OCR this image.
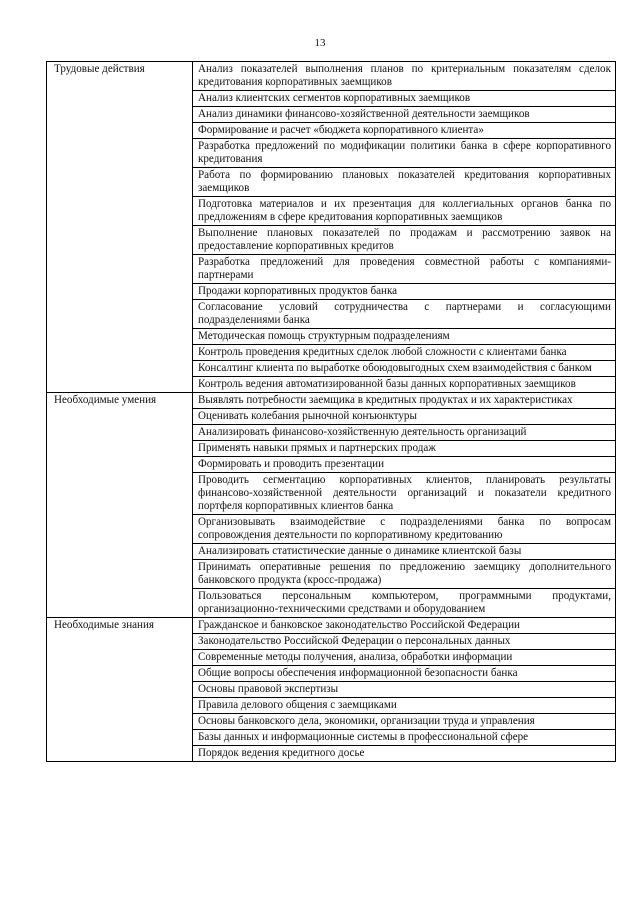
13
Трудовые действия	Анализ показателей выполнения планов по критериальным показателям сделок кредитования корпоративных заемщиков
	Анализ клиентских сегментов корпоративных заемщиков
	Анализ динамики финансово-хозяйственной деятельности заемщиков
	Формирование и расчет «бюджета корпоративного клиента»
	Разработка предложений по модификации политики банка в сфере корпоративного кредитования
	Работа по формированию плановых показателей кредитования корпоративных заемщиков
	Подготовка материалов и их презентация для коллегиальных органов банка по предложениям в сфере кредитования корпоративных заемщиков
	Выполнение плановых показателей по продажам и рассмотрению заявок на предоставление корпоративных кредитов
	Разработка предложений для проведения совместной работы с компаниями-партнерами
	Продажи корпоративных продуктов банка
	Согласование условий сотрудничества с партнерами и согласующими подразделениями банка
	Методическая помощь структурным подразделениям
	Контроль проведения кредитных сделок любой сложности с клиентами банка
	Консалтинг клиента по выработке обоюдовыгодных схем взаимодействия с банком
	Контроль ведения автоматизированной базы данных корпоративных заемщиков
Необходимые умения	Выявлять потребности заемщика в кредитных продуктах и их характеристиках
	Оценивать колебания рыночной конъюнктуры
	Анализировать финансово-хозяйственную деятельность организаций
	Применять навыки прямых и партнерских продаж
	Формировать и проводить презентации
	Проводить сегментацию корпоративных клиентов, планировать результаты финансово-хозяйственной деятельности организаций и показатели кредитного портфеля корпоративных клиентов банка
	Организовывать взаимодействие с подразделениями банка по вопросам сопровождения деятельности по корпоративному кредитованию
	Анализировать статистические данные о динамике клиентской базы
	Принимать оперативные решения по предложению заемщику дополнительного банковского продукта (кросс-продажа)
	Пользоваться персональным компьютером, программными продуктами, организационно-техническими средствами и оборудованием
Необходимые знания	Гражданское и банковское законодательство Российской Федерации
	Законодательство Российской Федерации о персональных данных
	Современные методы получения, анализа, обработки информации
	Общие вопросы обеспечения информационной безопасности банка
	Основы правовой экспертизы
	Правила делового общения с заемщиками
	Основы банковского дела, экономики, организации труда и управления
	Базы данных и информационные системы в профессиональной сфере
	Порядок ведения кредитного досье
